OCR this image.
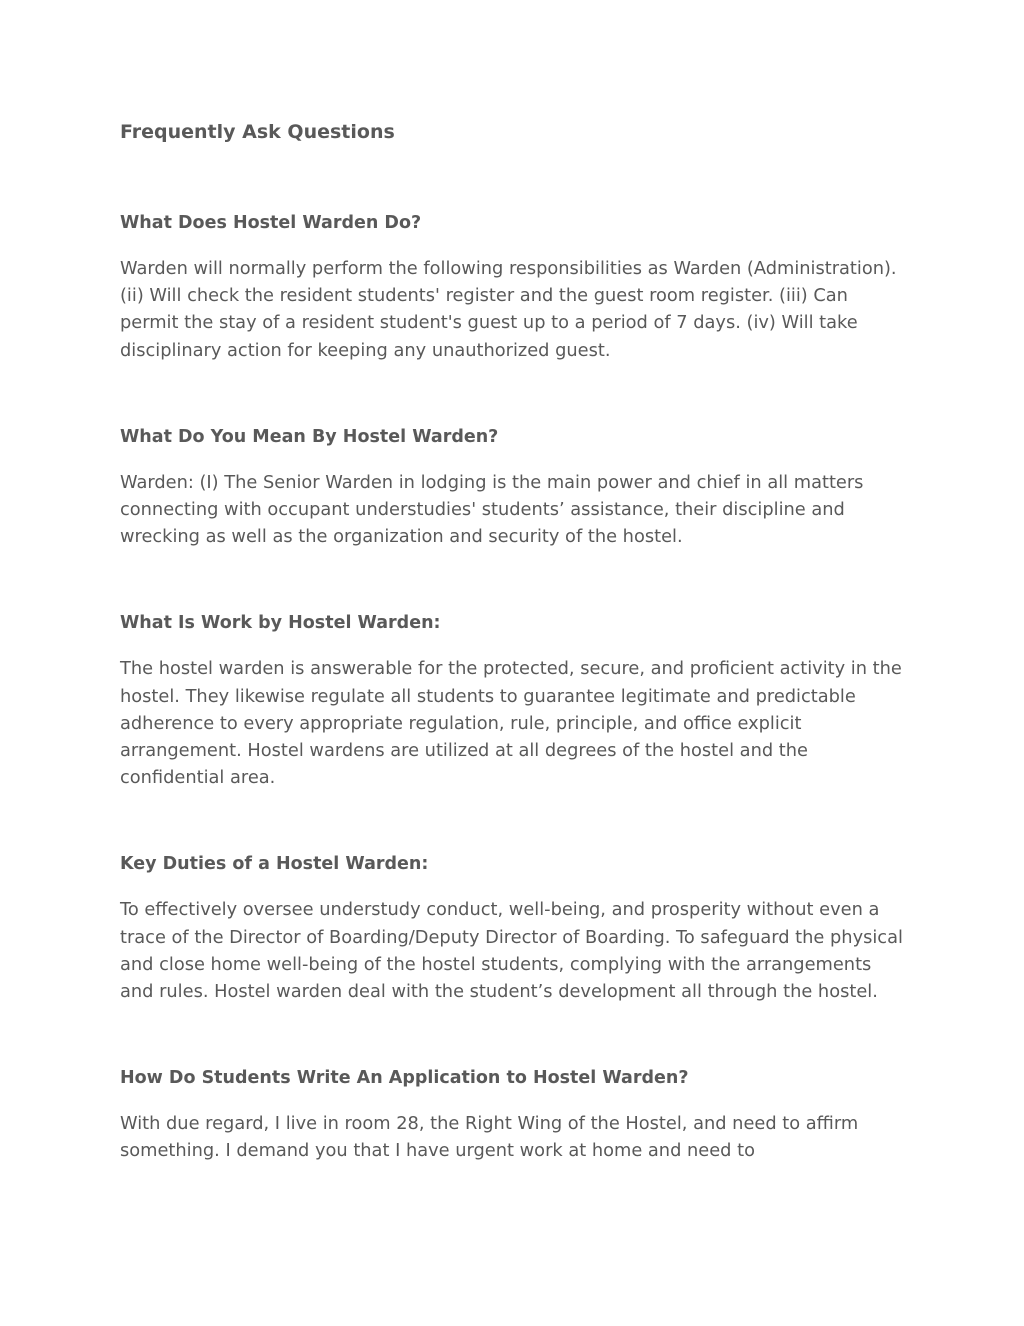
Frequently Ask Questions
What Does Hostel Warden Do?

Warden will normally perform the following responsibilities as Warden (Administration). (ii) Will check the resident students' register and the guest room register. (iii) Can permit the stay of a resident student's guest up to a period of 7 days. (iv) Will take disciplinary action for keeping any unauthorized guest.

What Do You Mean By Hostel Warden?

Warden: (I) The Senior Warden in lodging is the main power and chief in all matters connecting with occupant understudies' students’ assistance, their discipline and wrecking as well as the organization and security of the hostel.

What Is Work by Hostel Warden:

The hostel warden is answerable for the protected, secure, and proficient activity in the hostel. They likewise regulate all students to guarantee legitimate and predictable adherence to every appropriate regulation, rule, principle, and office explicit arrangement. Hostel wardens are utilized at all degrees of the hostel and the confidential area.

Key Duties of a Hostel Warden:

To effectively oversee understudy conduct, well-being, and prosperity without even a trace of the Director of Boarding/Deputy Director of Boarding. To safeguard the physical and close home well-being of the hostel students, complying with the arrangements and rules. Hostel warden deal with the student’s development all through the hostel.

How Do Students Write An Application to Hostel Warden?

With due regard, I live in room 28, the Right Wing of the Hostel, and need to affirm something. I demand you that I have urgent work at home and need to
